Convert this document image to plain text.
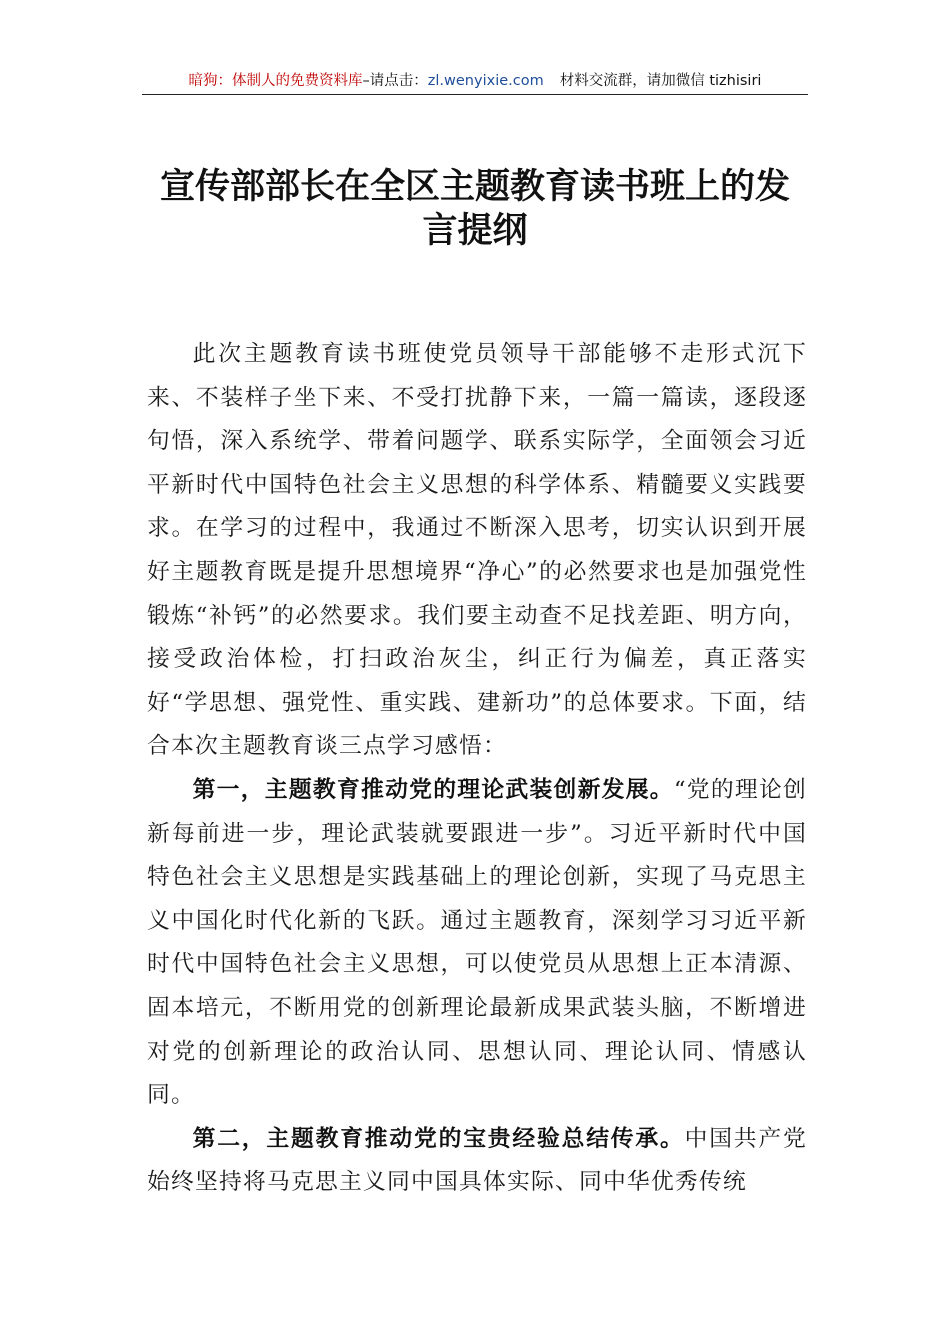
暗狗：体制人的免费资料库–请点击：zl.wenyixie.com 材料交流群，请加微信 tizhisiri
宣传部部长在全区主题教育读书班上的发
言提纲

此次主题教育读书班使党员领导干部能够不走形式沉下来、不装样子坐下来、不受打扰静下来，一篇一篇读，逐段逐句悟，深入系统学、带着问题学、联系实际学，全面领会习近平新时代中国特色社会主义思想的科学体系、精髓要义实践要求。在学习的过程中，我通过不断深入思考，切实认识到开展好主题教育既是提升思想境界“净心”的必然要求也是加强党性锻炼“补钙”的必然要求。我们要主动查不足找差距、明方向，接受政治体检，打扫政治灰尘，纠正行为偏差，真正落实好“学思想、强党性、重实践、建新功”的总体要求。下面，结合本次主题教育谈三点学习感悟：

第一，主题教育推动党的理论武装创新发展。“党的理论创新每前进一步，理论武装就要跟进一步”。习近平新时代中国特色社会主义思想是实践基础上的理论创新，实现了马克思主义中国化时代化新的飞跃。通过主题教育，深刻学习习近平新时代中国特色社会主义思想，可以使党员从思想上正本清源、固本培元，不断用党的创新理论最新成果武装头脑，不断增进对党的创新理论的政治认同、思想认同、理论认同、情感认同。

第二，主题教育推动党的宝贵经验总结传承。中国共产党始终坚持将马克思主义同中国具体实际、同中华优秀传统
